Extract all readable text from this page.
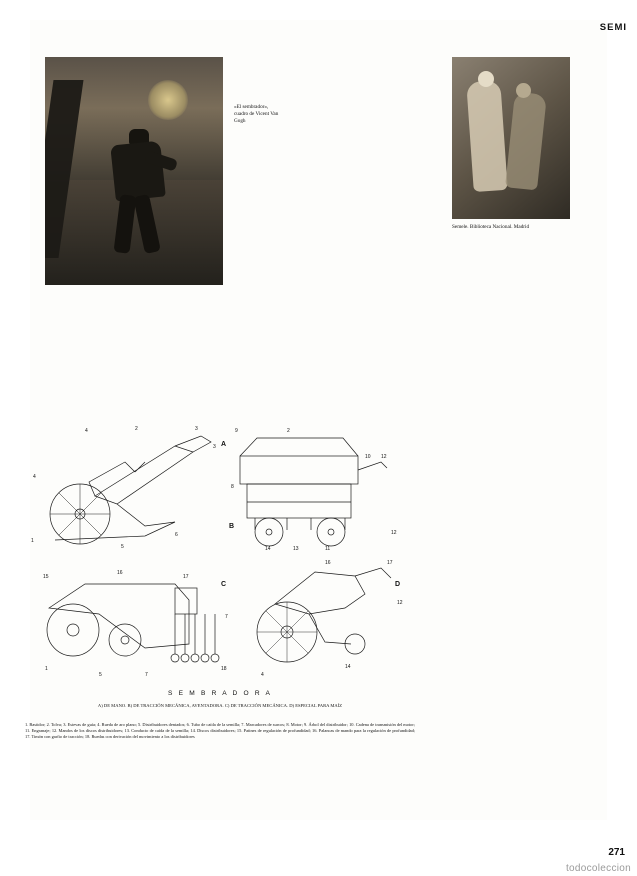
SEMI
271
«El sembrador», cuadro de Vicent Van Gogh
Semele. Biblioteca Nacional. Madrid
4	2	3
4
1
5
6
3
9	2
10
8
14	13	11
12
12
15
16
17
7
18
7
1
5
16	17
12
4
14
A
B
C	D
S E M B R A D O R A
A) DE MANO. B) DE TRACCIÓN MECÁNICA, AVENTADORA. C) DE TRACCIÓN MECÁNICA. D) ESPECIAL PARA MAÍZ
1. Bastidor; 2. Tolva; 3. Estevas de guía; 4. Rueda de aro plano; 5. Distribuidores dentados; 6. Tubo de caída de la semilla; 7. Marcadores de surcos; 8. Motor; 9. Árbol del distribuidor; 10. Cadena de transmisión del motor; 11. Engranaje; 12. Mandos de los discos distribuidores; 13. Conducto de caída de la semilla; 14. Discos distribuidores; 15. Patines de regulación de profundidad; 16. Palancas de mando para la regulación de profundidad; 17. Timón con garfio de tracción; 18. Ruedas con derivación del movimiento a los distribuidores
todocoleccion
